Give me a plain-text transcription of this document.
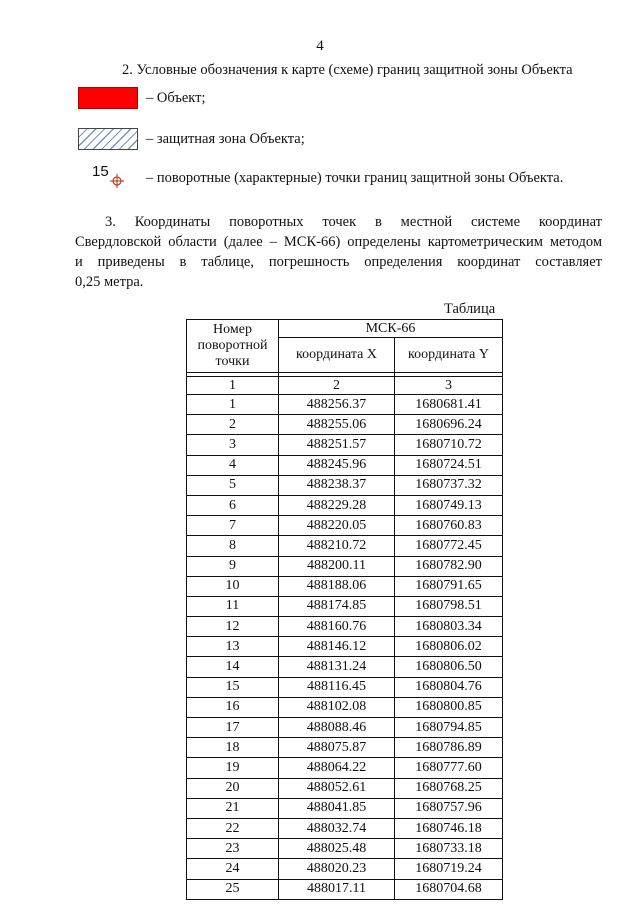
4
2. Условные обозначения к карте (схеме) границ защитной зоны Объекта
– Объект;
– защитная зона Объекта;
15	– поворотные (характерные) точки границ защитной зоны Объекта.

3. Координаты поворотных точек в местной системе координат

Свердловской области (далее – МСК-66) определены картометрическим методом

и приведены в таблице, погрешность определения координат составляет

0,25 метра.

Таблица
Номер поворотной точки	МСК-66	
	координата X	координата Y

1	2	3
1	488256.37	1680681.41
2	488255.06	1680696.24
3	488251.57	1680710.72
4	488245.96	1680724.51
5	488238.37	1680737.32
6	488229.28	1680749.13
7	488220.05	1680760.83
8	488210.72	1680772.45
9	488200.11	1680782.90
10	488188.06	1680791.65
11	488174.85	1680798.51
12	488160.76	1680803.34
13	488146.12	1680806.02
14	488131.24	1680806.50
15	488116.45	1680804.76
16	488102.08	1680800.85
17	488088.46	1680794.85
18	488075.87	1680786.89
19	488064.22	1680777.60
20	488052.61	1680768.25
21	488041.85	1680757.96
22	488032.74	1680746.18
23	488025.48	1680733.18
24	488020.23	1680719.24
25	488017.11	1680704.68
